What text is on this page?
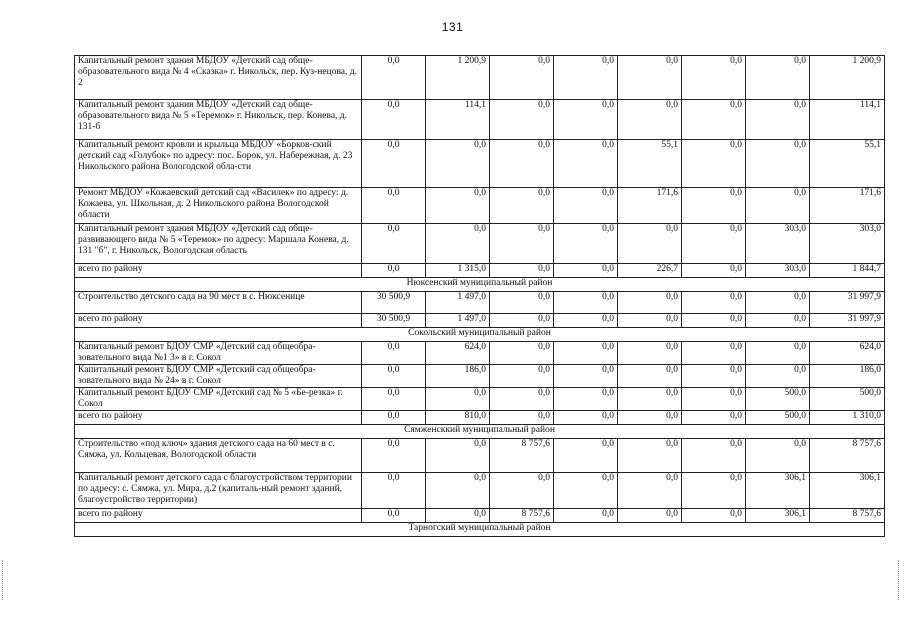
131
Капитальный ремонт здания МБДОУ «Детский сад обще-образовательного вида № 4 «Сказка» г. Никольск, пер. Куз-нецова, д. 2	0,0	1 200,9	0,0	0,0	0,0	0,0	0,0	1 200,9
Капитальный ремонт здания МБДОУ «Детский сад обще-образовательного вида № 5 «Теремок» г. Никольск, пер. Конева, д. 131-б	0,0	114,1	0,0	0,0	0,0	0,0	0,0	114,1
Капитальный ремонт кровли и крыльца МБДОУ «Борков-ский детский сад «Голубок» по адресу: пос. Борок, ул. Набережная, д. 23 Никольского района Вологодской обла-сти	0,0	0,0	0,0	0,0	55,1	0,0	0,0	55,1
Ремонт МБДОУ «Кожаевский детский сад «Василек» по адресу: д. Кожаева, ул. Школьная, д. 2 Никольского района Вологодской области	0,0	0,0	0,0	0,0	171,6	0,0	0,0	171,6
Капитальный ремонт здания МБДОУ «Детский сад обще-развивающего вида № 5 «Теремок» по адресу: Маршала Конева, д. 131 "б", г. Никольск, Вологодская область	0,0	0,0	0,0	0,0	0,0	0,0	303,0	303,0
всего по району	0,0	1 315,0	0,0	0,0	226,7	0,0	303,0	1 844,7
Нюксенский муниципальный район								
Строительство детского сада на 90 мест в с. Нюксенице	30 500,9	1 497,0	0,0	0,0	0,0	0,0	0,0	31 997,9
всего по району	30 500,9	1 497,0	0,0	0,0	0,0	0,0	0,0	31 997,9
Сокольский муниципальный район								
Капитальный ремонт БДОУ СМР «Детский сад общеобра-зовательного вида №1 3» в г. Сокол	0,0	624,0	0,0	0,0	0,0	0,0	0,0	624,0
Капитальный ремонт БДОУ СМР «Детский сад общеобра-зовательного вида № 24» в г. Сокол	0,0	186,0	0,0	0,0	0,0	0,0	0,0	186,0
Капитальный ремонт БДОУ СМР «Детский сад № 5 «Бе-резка» г. Сокол	0,0	0,0	0,0	0,0	0,0	0,0	500,0	500,0
всего по району	0,0	810,0	0,0	0,0	0,0	0,0	500,0	1 310,0
Сямженсккий муниципальный район								
Строительство «под ключ» здания детского сада на 60 мест в с. Сямжа, ул. Кольцевая, Вологодской области	0,0	0,0	8 757,6	0,0	0,0	0,0	0,0	8 757,6
Капитальный ремонт детского сада с благоустройством территории по адресу: с. Сямжа, ул. Мира, д.2 (капиталь-ный ремонт зданий, благоустройство территории)	0,0	0,0	0,0	0,0	0,0	0,0	306,1	306,1
всего по району	0,0	0,0	8 757,6	0,0	0,0	0,0	306,1	8 757,6
Тарногский муниципальный район								
